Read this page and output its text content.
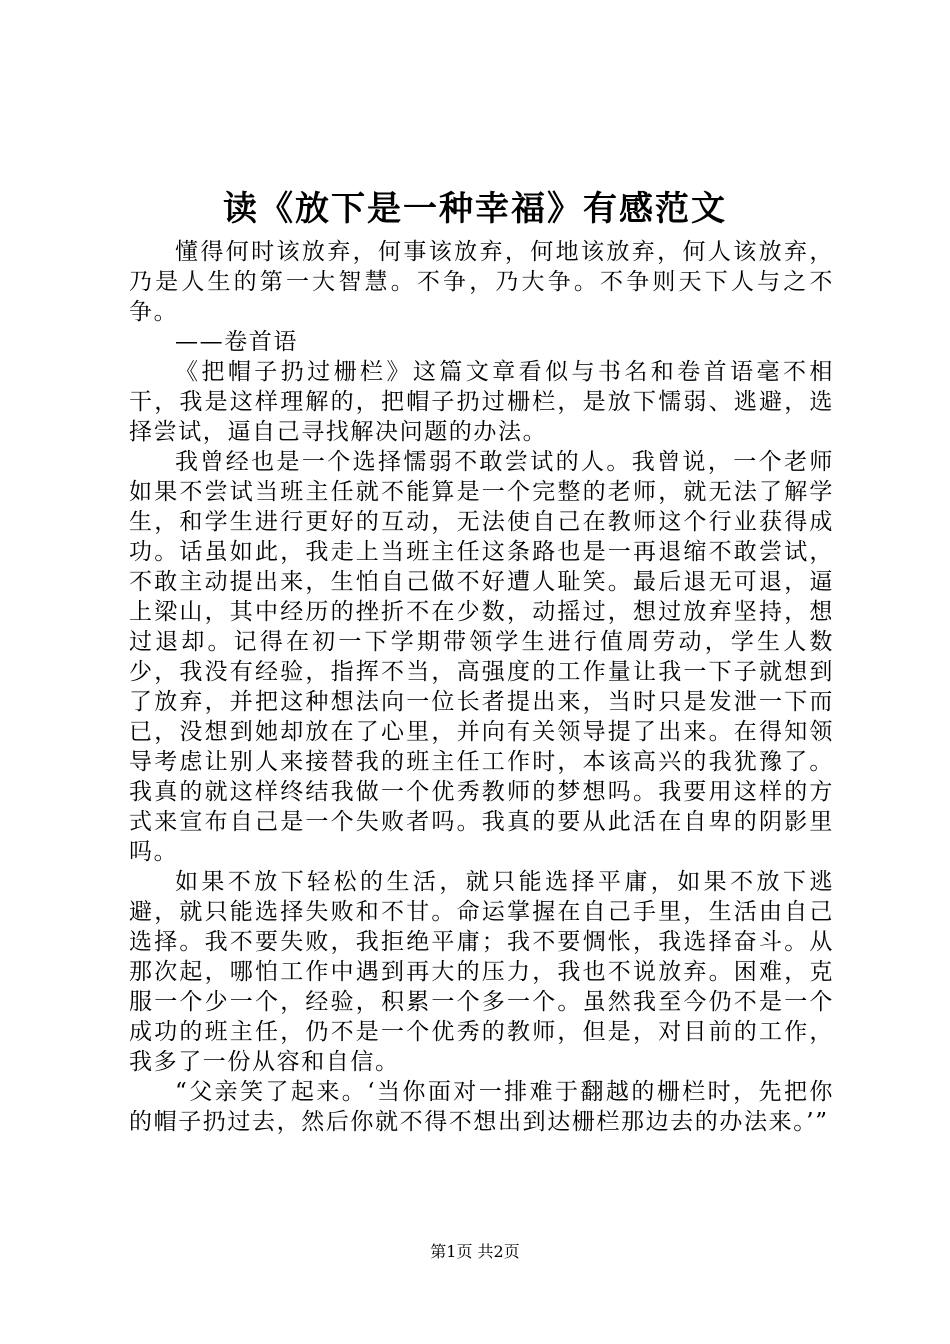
读《放下是一种幸福》有感范文

懂得何时该放弃，何事该放弃，何地该放弃，何人该放弃，乃是人生的第一大智慧。不争，乃大争。不争则天下人与之不争。

——卷首语

《把帽子扔过栅栏》这篇文章看似与书名和卷首语毫不相干，我是这样理解的，把帽子扔过栅栏，是放下懦弱、逃避，选择尝试，逼自己寻找解决问题的办法。

我曾经也是一个选择懦弱不敢尝试的人。我曾说，一个老师如果不尝试当班主任就不能算是一个完整的老师，就无法了解学生，和学生进行更好的互动，无法使自己在教师这个行业获得成功。话虽如此，我走上当班主任这条路也是一再退缩不敢尝试，不敢主动提出来，生怕自己做不好遭人耻笑。最后退无可退，逼上梁山，其中经历的挫折不在少数，动摇过，想过放弃坚持，想过退却。记得在初一下学期带领学生进行值周劳动，学生人数少，我没有经验，指挥不当，高强度的工作量让我一下子就想到了放弃，并把这种想法向一位长者提出来，当时只是发泄一下而已，没想到她却放在了心里，并向有关领导提了出来。在得知领导考虑让别人来接替我的班主任工作时，本该高兴的我犹豫了。我真的就这样终结我做一个优秀教师的梦想吗。我要用这样的方式来宣布自己是一个失败者吗。我真的要从此活在自卑的阴影里吗。

如果不放下轻松的生活，就只能选择平庸，如果不放下逃避，就只能选择失败和不甘。命运掌握在自己手里，生活由自己选择。我不要失败，我拒绝平庸；我不要惆怅，我选择奋斗。从那次起，哪怕工作中遇到再大的压力，我也不说放弃。困难，克服一个少一个，经验，积累一个多一个。虽然我至今仍不是一个成功的班主任，仍不是一个优秀的教师，但是，对目前的工作，我多了一份从容和自信。

“父亲笑了起来。‘当你面对一排难于翻越的栅栏时，先把你的帽子扔过去，然后你就不得不想出到达栅栏那边去的办法来。’”

第1页 共2页
